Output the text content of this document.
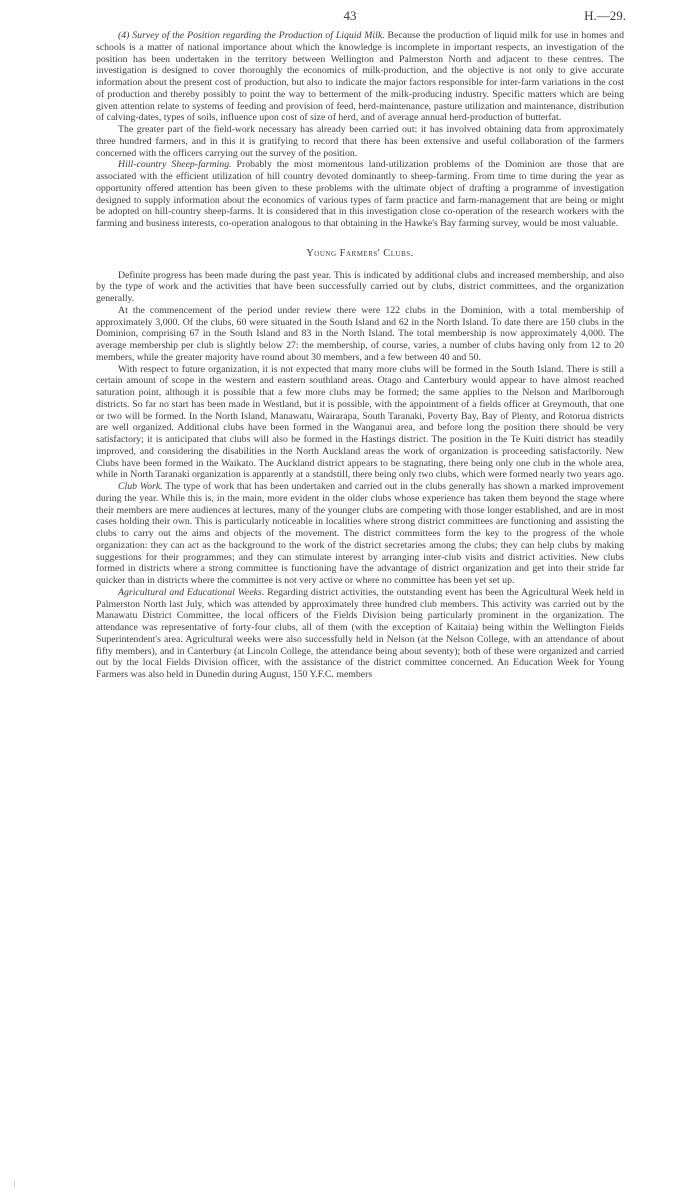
43	H.—29.

(4) Survey of the Position regarding the Production of Liquid Milk. Because the production of liquid milk for use in homes and schools is a matter of national importance about which the knowledge is incomplete in important respects, an investigation of the position has been undertaken in the territory between Wellington and Palmerston North and adjacent to these centres. The investigation is designed to cover thoroughly the economics of milk-production, and the objective is not only to give accurate information about the present cost of production, but also to indicate the major factors responsible for inter-farm variations in the cost of production and thereby possibly to point the way to betterment of the milk-producing industry. Specific matters which are being given attention relate to systems of feeding and provision of feed, herd-maintenance, pasture utilization and maintenance, distribution of calving-dates, types of soils, influence upon cost of size of herd, and of average annual herd-production of butterfat.

The greater part of the field-work necessary has already been carried out: it has involved obtaining data from approximately three hundred farmers, and in this it is gratifying to record that there has been extensive and useful collaboration of the farmers concerned with the officers carrying out the survey of the position.

Hill-country Sheep-farming. Probably the most momentous land-utilization problems of the Dominion are those that are associated with the efficient utilization of hill country devoted dominantly to sheep-farming. From time to time during the year as opportunity offered attention has been given to these problems with the ultimate object of drafting a programme of investigation designed to supply information about the economics of various types of farm practice and farm-management that are being or might be adopted on hill-country sheep-farms. It is considered that in this investigation close co-operation of the research workers with the farming and business interests, co-operation analogous to that obtaining in the Hawke's Bay farming survey, would be most valuable.

Young Farmers' Clubs.

Definite progress has been made during the past year. This is indicated by additional clubs and increased membership, and also by the type of work and the activities that have been successfully carried out by clubs, district committees, and the organization generally.

At the commencement of the period under review there were 122 clubs in the Dominion, with a total membership of approximately 3,000. Of the clubs, 60 were situated in the South Island and 62 in the North Island. To date there are 150 clubs in the Dominion, comprising 67 in the South Island and 83 in the North Island. The total membership is now approximately 4,000. The average membership per club is slightly below 27: the membership, of course, varies, a number of clubs having only from 12 to 20 members, while the greater majority have round about 30 members, and a few between 40 and 50.

With respect to future organization, it is not expected that many more clubs will be formed in the South Island. There is still a certain amount of scope in the western and eastern southland areas. Otago and Canterbury would appear to have almost reached saturation point, although it is possible that a few more clubs may be formed; the same applies to the Nelson and Marlborough districts. So far no start has been made in Westland, but it is possible, with the appointment of a fields officer at Greymouth, that one or two will be formed. In the North Island, Manawatu, Wairarapa, South Taranaki, Poverty Bay, Bay of Plenty, and Rotorua districts are well organized. Additional clubs have been formed in the Wanganui area, and before long the position there should be very satisfactory; it is anticipated that clubs will also be formed in the Hastings district. The position in the Te Kuiti district has steadily improved, and considering the disabilities in the North Auckland areas the work of organization is proceeding satisfactorily. New Clubs have been formed in the Waikato. The Auckland district appears to be stagnating, there being only one club in the whole area, while in North Taranaki organization is apparently at a standstill, there being only two clubs, which were formed nearly two years ago.

Club Work. The type of work that has been undertaken and carried out in the clubs generally has shown a marked improvement during the year. While this is, in the main, more evident in the older clubs whose experience has taken them beyond the stage where their members are mere audiences at lectures, many of the younger clubs are competing with those longer established, and are in most cases holding their own. This is particularly noticeable in localities where strong district committees are functioning and assisting the clubs to carry out the aims and objects of the movement. The district committees form the key to the progress of the whole organization: they can act as the background to the work of the district secretaries among the clubs; they can help clubs by making suggestions for their programmes; and they can stimulate interest by arranging inter-club visits and district activities. New clubs formed in districts where a strong committee is functioning have the advantage of district organization and get into their stride far quicker than in districts where the committee is not very active or where no committee has been yet set up.

Agricultural and Educational Weeks. Regarding district activities, the outstanding event has been the Agricultural Week held in Palmerston North last July, which was attended by approximately three hundred club members. This activity was carried out by the Manawatu District Committee, the local officers of the Fields Division being particularly prominent in the organization. The attendance was representative of forty-four clubs, all of them (with the exception of Kaitaia) being within the Wellington Fields Superintendent's area. Agricultural weeks were also successfully held in Nelson (at the Nelson College, with an attendance of about fifty members), and in Canterbury (at Lincoln College, the attendance being about seventy); both of these were organized and carried out by the local Fields Division officer, with the assistance of the district committee concerned. An Education Week for Young Farmers was also held in Dunedin during August, 150 Y.F.C. members
